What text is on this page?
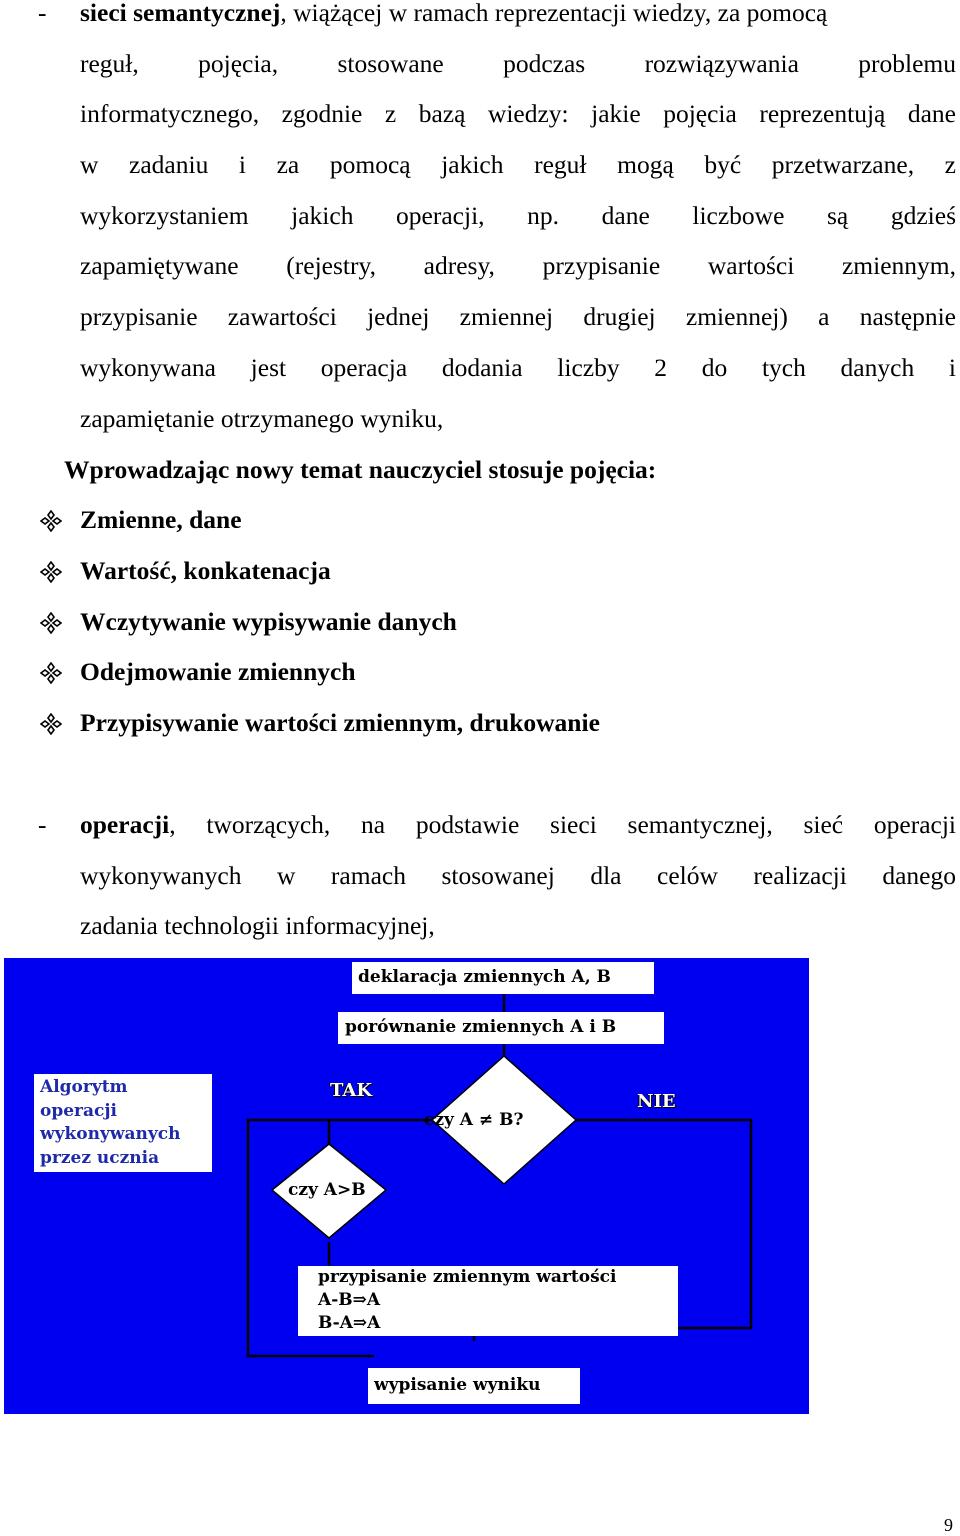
- sieci semantycznej, wiążącej w ramach reprezentacji wiedzy, za pomocą
reguł, pojęcia, stosowane podczas rozwiązywania problemu
informatycznego, zgodnie z bazą wiedzy: jakie pojęcia reprezentują dane
w zadaniu i za pomocą jakich reguł mogą być przetwarzane, z
wykorzystaniem jakich operacji, np. dane liczbowe są gdzieś
zapamiętywane (rejestry, adresy, przypisanie wartości zmiennym,
przypisanie zawartości jednej zmiennej drugiej zmiennej) a następnie
wykonywana jest operacja dodania liczby 2 do tych danych i
zapamiętanie otrzymanego wyniku,
Wprowadzając nowy temat nauczyciel stosuje pojęcia:
Zmienne, dane
Wartość, konkatenacja
Wczytywanie wypisywanie danych
Odejmowanie zmiennych
Przypisywanie wartości zmiennym, drukowanie
- operacji, tworzących, na podstawie sieci semantycznej, sieć operacji
wykonywanych w ramach stosowanej dla celów realizacji danego
zadania technologii informacyjnej,
deklaracja zmiennych A, B
porównanie zmiennych A i B
Algorytm
operacji
wykonywanych
przez ucznia
TAK
NIE
czy A ≠ B?
czy A>B
przypisanie zmiennym wartości
A-B⇒A
B-A⇒A
wypisanie wyniku
9
